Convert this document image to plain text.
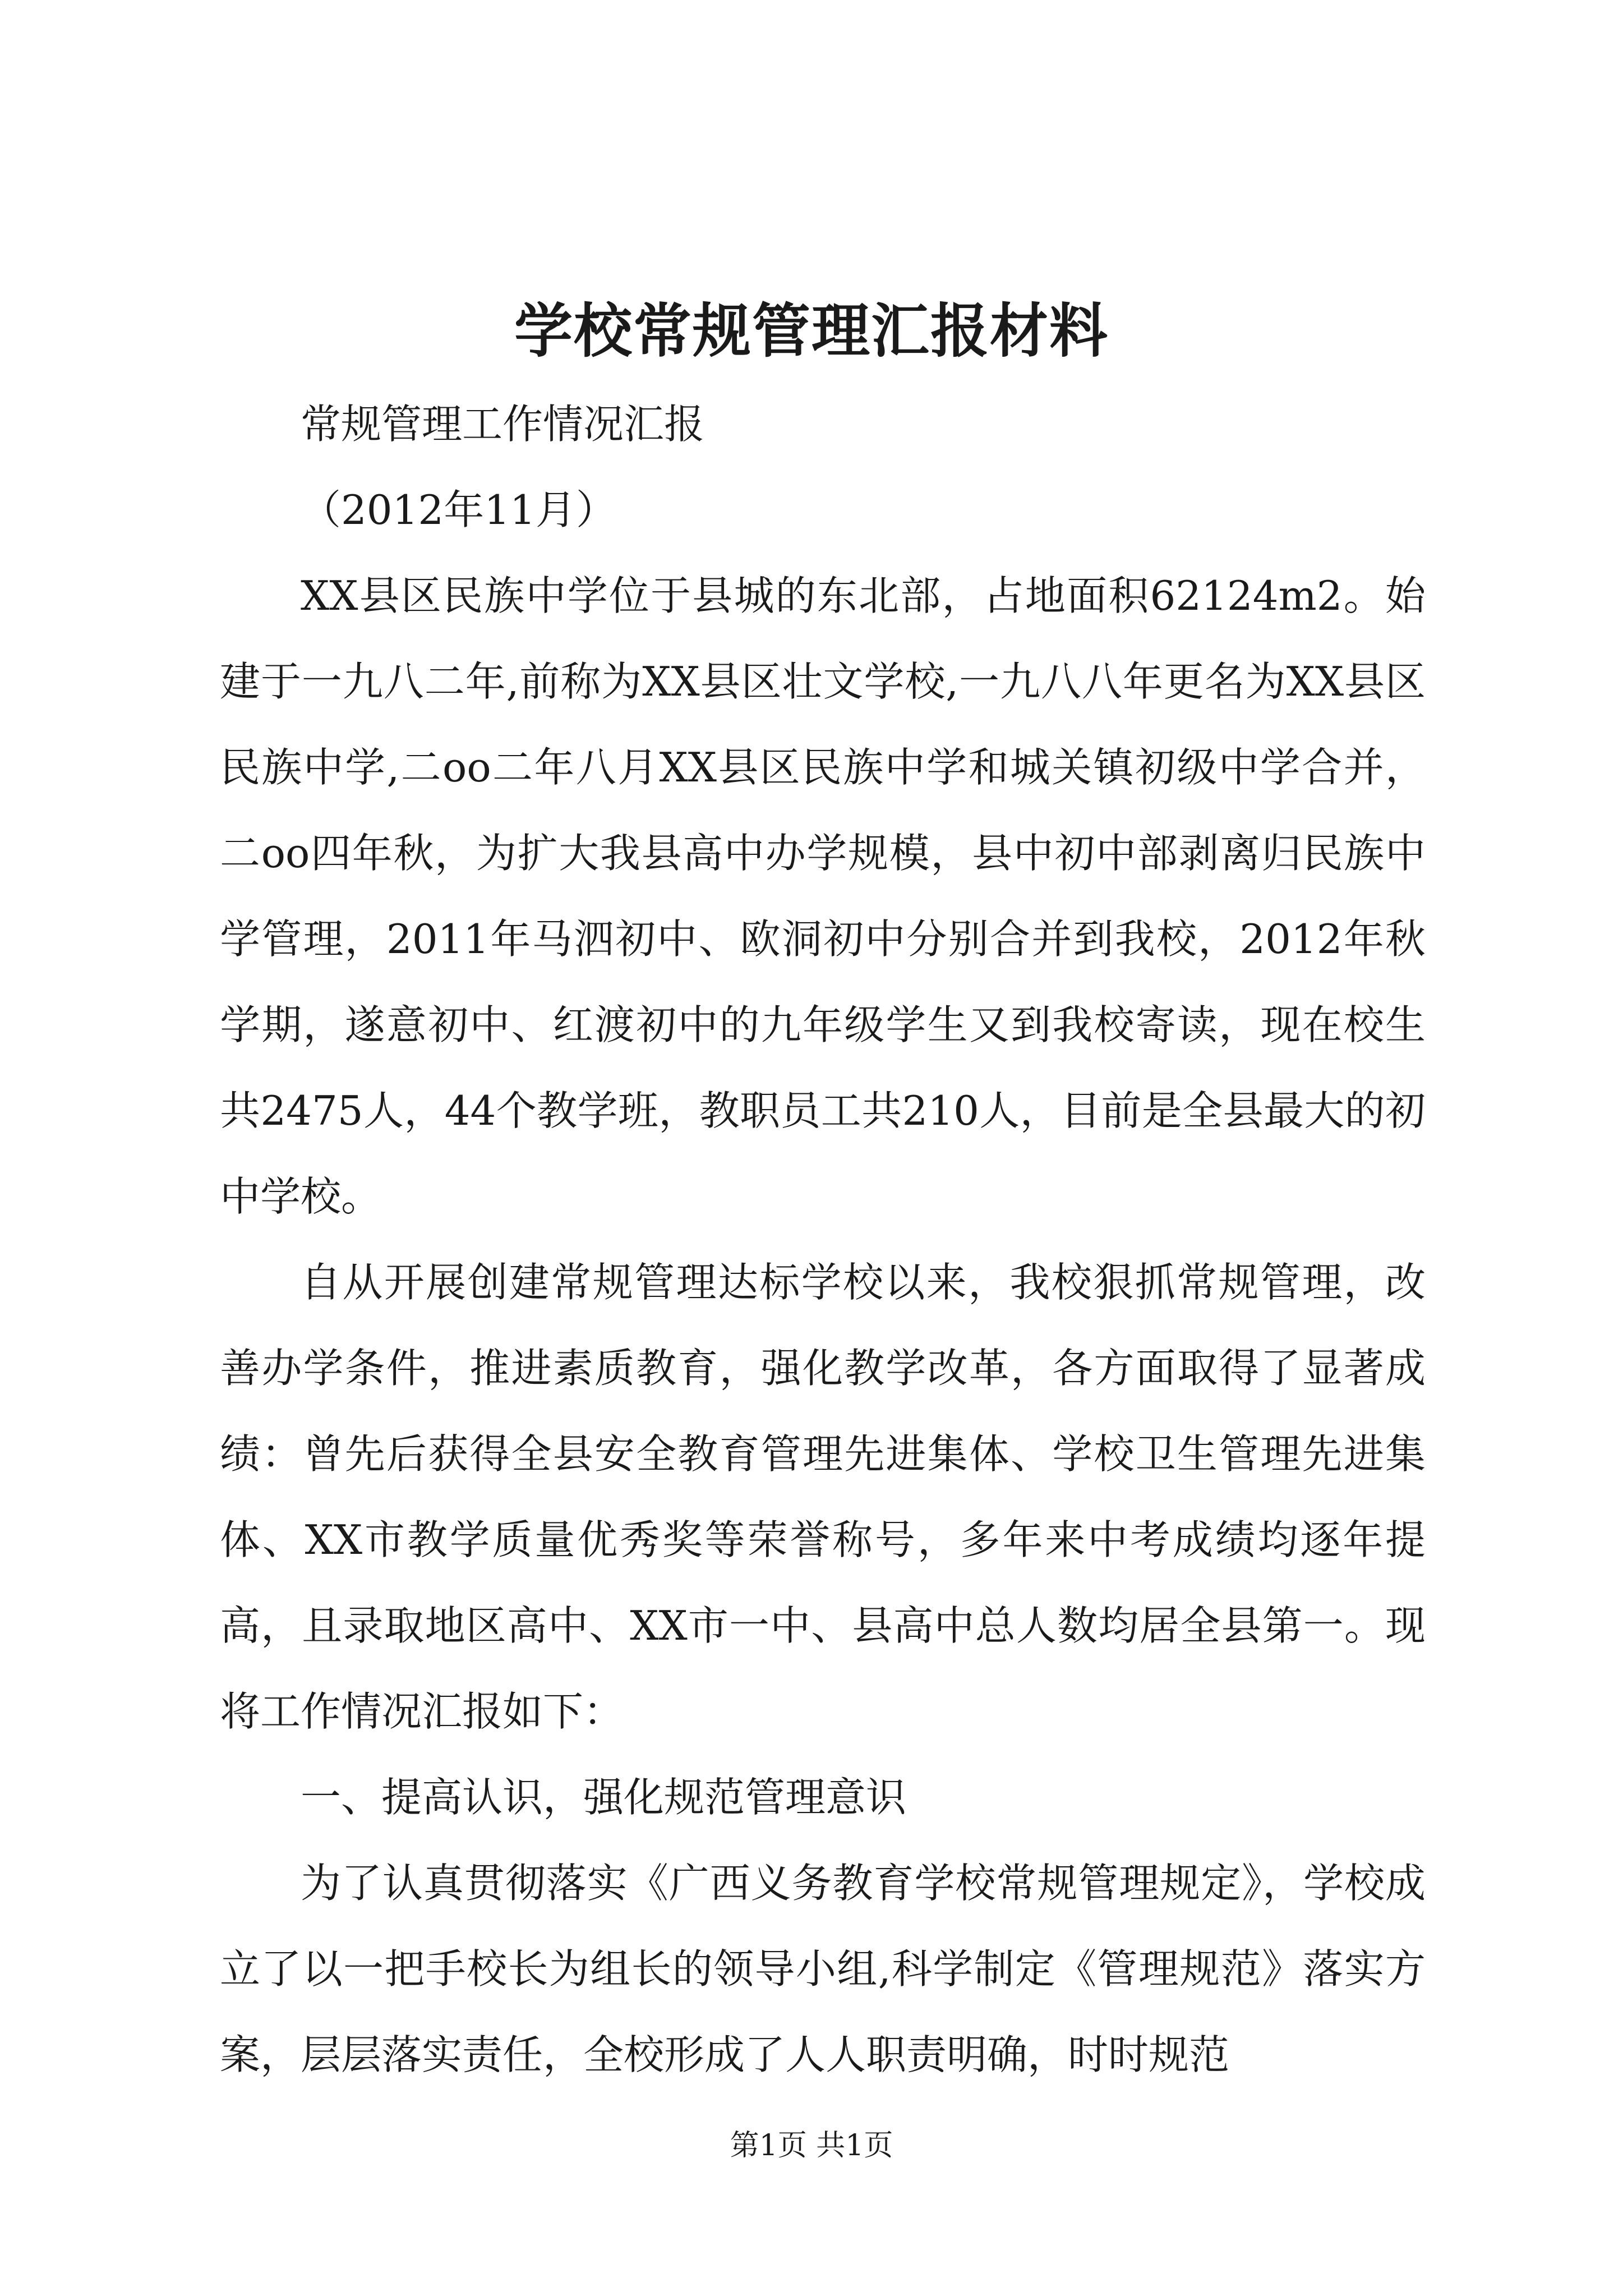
学校常规管理汇报材料

常规管理工作情况汇报

（2012年11月）

XX县区民族中学位于县城的东北部，占地面积62124m2。始建于一九八二年,前称为XX县区壮文学校,一九八八年更名为XX县区民族中学,二oo二年八月XX县区民族中学和城关镇初级中学合并，二oo四年秋，为扩大我县高中办学规模，县中初中部剥离归民族中学管理，2011年马泗初中、欧洞初中分别合并到我校，2012年秋学期，遂意初中、红渡初中的九年级学生又到我校寄读，现在校生共2475人，44个教学班，教职员工共210人，目前是全县最大的初中学校。

自从开展创建常规管理达标学校以来，我校狠抓常规管理，改善办学条件，推进素质教育，强化教学改革，各方面取得了显著成绩：曾先后获得全县安全教育管理先进集体、学校卫生管理先进集体、XX市教学质量优秀奖等荣誉称号，多年来中考成绩均逐年提高，且录取地区高中、XX市一中、县高中总人数均居全县第一。现将工作情况汇报如下：

一、提高认识，强化规范管理意识

为了认真贯彻落实《广西义务教育学校常规管理规定》，学校成立了以一把手校长为组长的领导小组,科学制定《管理规范》落实方案，层层落实责任，全校形成了人人职责明确，时时规范

第1页 共1页
